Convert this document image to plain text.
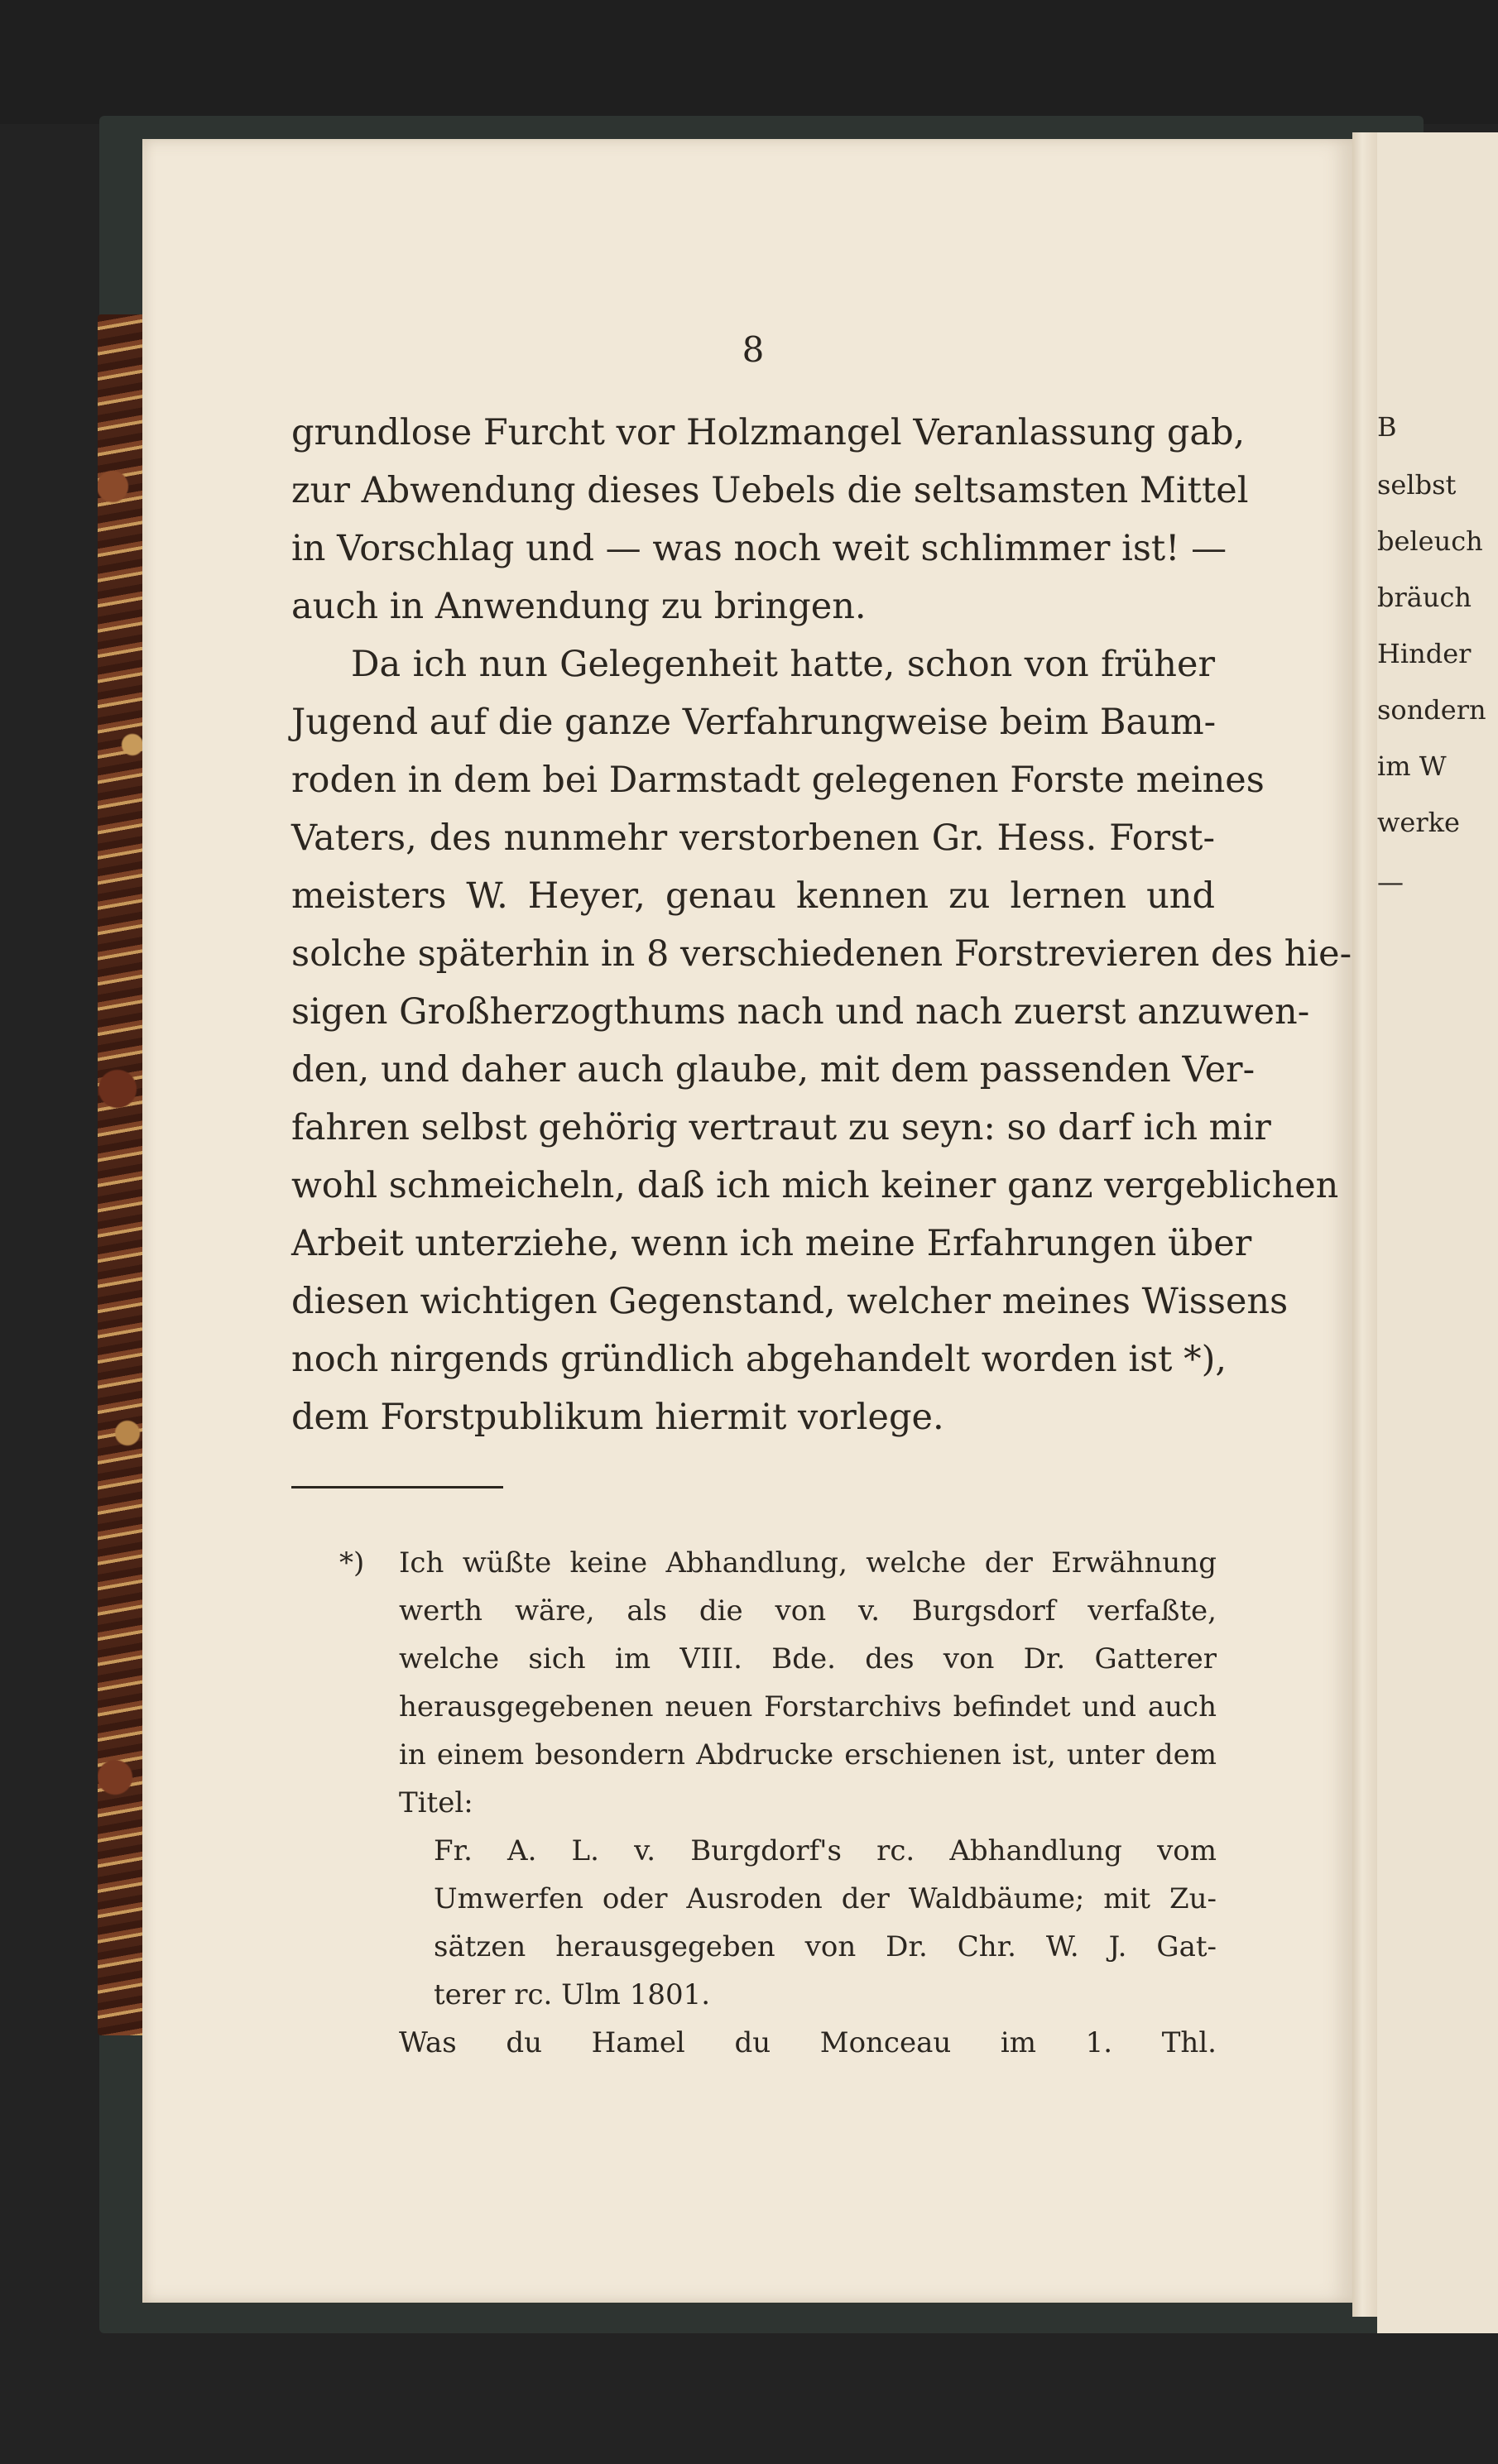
B
selbst
beleuch
bräuch
Hinder
sondern
im W
werke
—
8
grundlose Furcht vor Holzmangel Veranlassung gab,
zur Abwendung dieses Uebels die seltsamsten Mittel
in Vorschlag und — was noch weit schlimmer ist! —
auch in Anwendung zu bringen.
Da ich nun Gelegenheit hatte, schon von früher
Jugend auf die ganze Verfahrungweise beim Baum-
roden in dem bei Darmstadt gelegenen Forste meines
Vaters, des nunmehr verstorbenen Gr. Hess. Forst-
meisters W. Heyer, genau kennen zu lernen und
solche späterhin in 8 verschiedenen Forstrevieren des hie-
sigen Großherzogthums nach und nach zuerst anzuwen-
den, und daher auch glaube, mit dem passenden Ver-
fahren selbst gehörig vertraut zu seyn: so darf ich mir
wohl schmeicheln, daß ich mich keiner ganz vergeblichen
Arbeit unterziehe, wenn ich meine Erfahrungen über
diesen wichtigen Gegenstand, welcher meines Wissens
noch nirgends gründlich abgehandelt worden ist *),
dem Forstpublikum hiermit vorlege.
*)	Ich wüßte keine Abhandlung, welche der Erwähnung
werth wäre, als die von v. Burgsdorf verfaßte,
welche sich im VIII. Bde. des von Dr. Gatterer
herausgegebenen neuen Forstarchivs befindet und auch
in einem besondern Abdrucke erschienen ist, unter dem
Titel:
Fr. A. L. v. Burgdorf's rc. Abhandlung vom
Umwerfen oder Ausroden der Waldbäume; mit Zu-
sätzen herausgegeben von Dr. Chr. W. J. Gat-
terer rc. Ulm 1801.
Was du Hamel du Monceau im 1. Thl.
